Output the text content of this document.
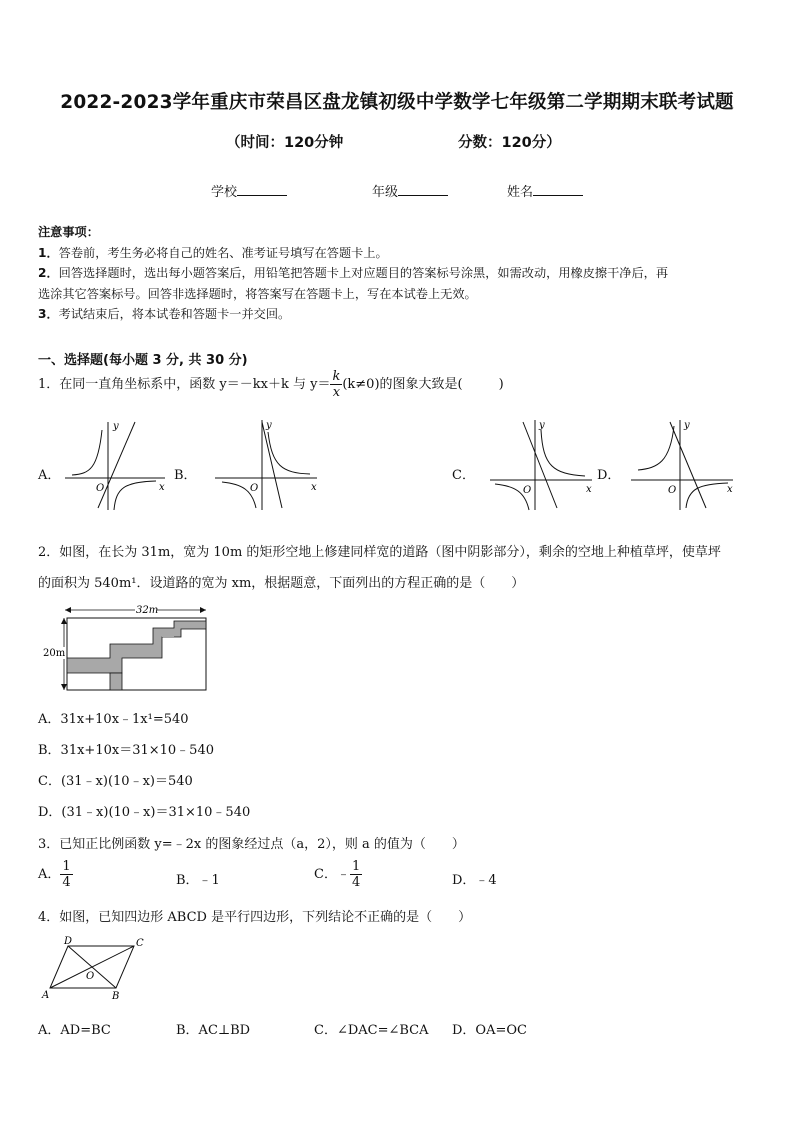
2022-2023学年重庆市荣昌区盘龙镇初级中学数学七年级第二学期期末联考试题
（时间：120分钟	分数：120分）
学校	年级	姓名
注意事项：
1．答卷前，考生务必将自己的姓名、准考证号填写在答题卡上。
2．回答选择题时，选出每小题答案后，用铅笔把答题卡上对应题目的答案标号涂黑，如需改动，用橡皮擦干净后，再
选涂其它答案标号。回答非选择题时，将答案写在答题卡上，写在本试卷上无效。
3．考试结束后，将本试卷和答题卡一并交回。
一、选择题(每小题 3 分, 共 30 分)
1．在同一直角坐标系中，函数 y＝－kx＋k 与 $y= \frac{k}{x} (k\ne 0)$的图象大致是(	)
A．	B．	C．	D．
y
x
O
y
x
O
y
x
O
y
x
O
2．如图，在长为 31m，宽为 10m 的矩形空地上修建同样宽的道路（图中阴影部分），剩余的空地上种植草坪，使草坪
的面积为 540m¹．设道路的宽为 xm，根据题意，下面列出的方程正确的是（　　）
32m
20m
A．31x+10x﹣1x¹=540
B．31x+10x＝31×10﹣540
C．(31﹣x)(10﹣x)＝540
D．(31﹣x)(10﹣x)＝31×10﹣540
3．已知正比例函数 y=﹣2x 的图象经过点（a，2），则 a 的值为（　　）
A． $\frac{1}{4}$	B．﹣1	C．﹣ $\frac{1}{4}$	D．﹣4
4．如图，已知四边形 ABCD 是平行四边形，下列结论不正确的是（　　）
A	B
C
D
O
A．AD=BC	B．AC⊥BD	C．∠DAC=∠BCA D．OA=OC
